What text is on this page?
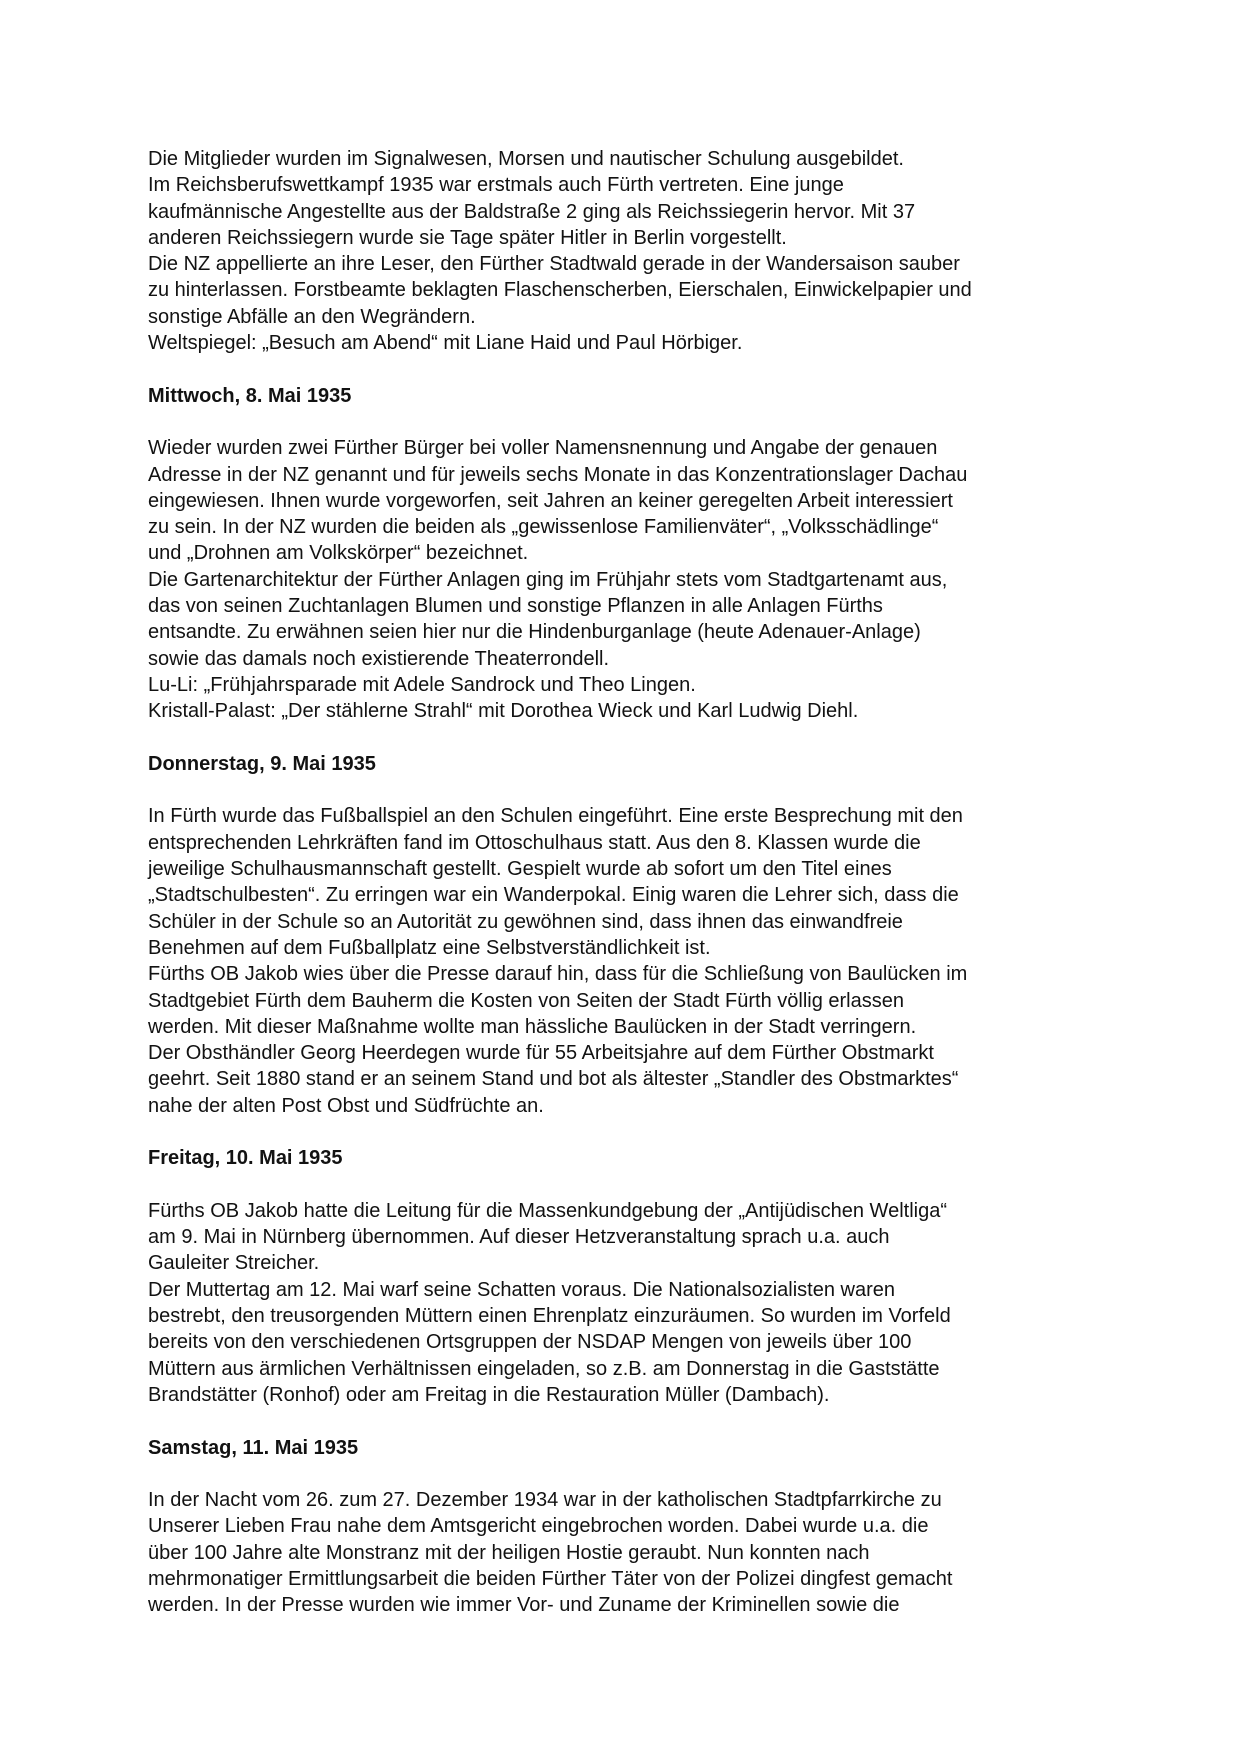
Die Mitglieder wurden im Signalwesen, Morsen und nautischer Schulung ausgebildet.
Im Reichsberufswettkampf 1935 war erstmals auch Fürth vertreten. Eine junge
kaufmännische Angestellte aus der Baldstraße 2 ging als Reichssiegerin hervor. Mit 37
anderen Reichssiegern wurde sie Tage später Hitler in Berlin vorgestellt.
Die NZ appellierte an ihre Leser, den Fürther Stadtwald gerade in der Wandersaison sauber
zu hinterlassen. Forstbeamte beklagten Flaschenscherben, Eierschalen, Einwickelpapier und
sonstige Abfälle an den Wegrändern.
Weltspiegel: „Besuch am Abend“ mit Liane Haid und Paul Hörbiger.
Mittwoch, 8. Mai 1935
Wieder wurden zwei Fürther Bürger bei voller Namensnennung und Angabe der genauen
Adresse in der NZ genannt und für jeweils sechs Monate in das Konzentrationslager Dachau
eingewiesen. Ihnen wurde vorgeworfen, seit Jahren an keiner geregelten Arbeit interessiert
zu sein. In der NZ wurden die beiden als „gewissenlose Familienväter“, „Volksschädlinge“
und „Drohnen am Volkskörper“ bezeichnet.
Die Gartenarchitektur der Fürther Anlagen ging im Frühjahr stets vom Stadtgartenamt aus,
das von seinen Zuchtanlagen Blumen und sonstige Pflanzen in alle Anlagen Fürths
entsandte. Zu erwähnen seien hier nur die Hindenburganlage (heute Adenauer-Anlage)
sowie das damals noch existierende Theaterrondell.
Lu-Li: „Frühjahrsparade mit Adele Sandrock und Theo Lingen.
Kristall-Palast: „Der stählerne Strahl“ mit Dorothea Wieck und Karl Ludwig Diehl.
Donnerstag, 9. Mai 1935
In Fürth wurde das Fußballspiel an den Schulen eingeführt. Eine erste Besprechung mit den
entsprechenden Lehrkräften fand im Ottoschulhaus statt. Aus den 8. Klassen wurde die
jeweilige Schulhausmannschaft gestellt. Gespielt wurde ab sofort um den Titel eines
„Stadtschulbesten“. Zu erringen war ein Wanderpokal. Einig waren die Lehrer sich, dass die
Schüler in der Schule so an Autorität zu gewöhnen sind, dass ihnen das einwandfreie
Benehmen auf dem Fußballplatz eine Selbstverständlichkeit ist.
Fürths OB Jakob wies über die Presse darauf hin, dass für die Schließung von Baulücken im
Stadtgebiet Fürth dem Bauherm die Kosten von Seiten der Stadt Fürth völlig erlassen
werden. Mit dieser Maßnahme wollte man hässliche Baulücken in der Stadt verringern.
Der Obsthändler Georg Heerdegen wurde für 55 Arbeitsjahre auf dem Fürther Obstmarkt
geehrt. Seit 1880 stand er an seinem Stand und bot als ältester „Standler des Obstmarktes“
nahe der alten Post Obst und Südfrüchte an.
Freitag, 10. Mai 1935
Fürths OB Jakob hatte die Leitung für die Massenkundgebung der „Antijüdischen Weltliga“
am 9. Mai in Nürnberg übernommen. Auf dieser Hetzveranstaltung sprach u.a. auch
Gauleiter Streicher.
Der Muttertag am 12. Mai warf seine Schatten voraus. Die Nationalsozialisten waren
bestrebt, den treusorgenden Müttern einen Ehrenplatz einzuräumen. So wurden im Vorfeld
bereits von den verschiedenen Ortsgruppen der NSDAP Mengen von jeweils über 100
Müttern aus ärmlichen Verhältnissen eingeladen, so z.B. am Donnerstag in die Gaststätte
Brandstätter (Ronhof) oder am Freitag in die Restauration Müller (Dambach).
Samstag, 11. Mai 1935
In der Nacht vom 26. zum 27. Dezember 1934 war in der katholischen Stadtpfarrkirche zu
Unserer Lieben Frau nahe dem Amtsgericht eingebrochen worden. Dabei wurde u.a. die
über 100 Jahre alte Monstranz mit der heiligen Hostie geraubt. Nun konnten nach
mehrmonatiger Ermittlungsarbeit die beiden Fürther Täter von der Polizei dingfest gemacht
werden. In der Presse wurden wie immer Vor- und Zuname der Kriminellen sowie die
